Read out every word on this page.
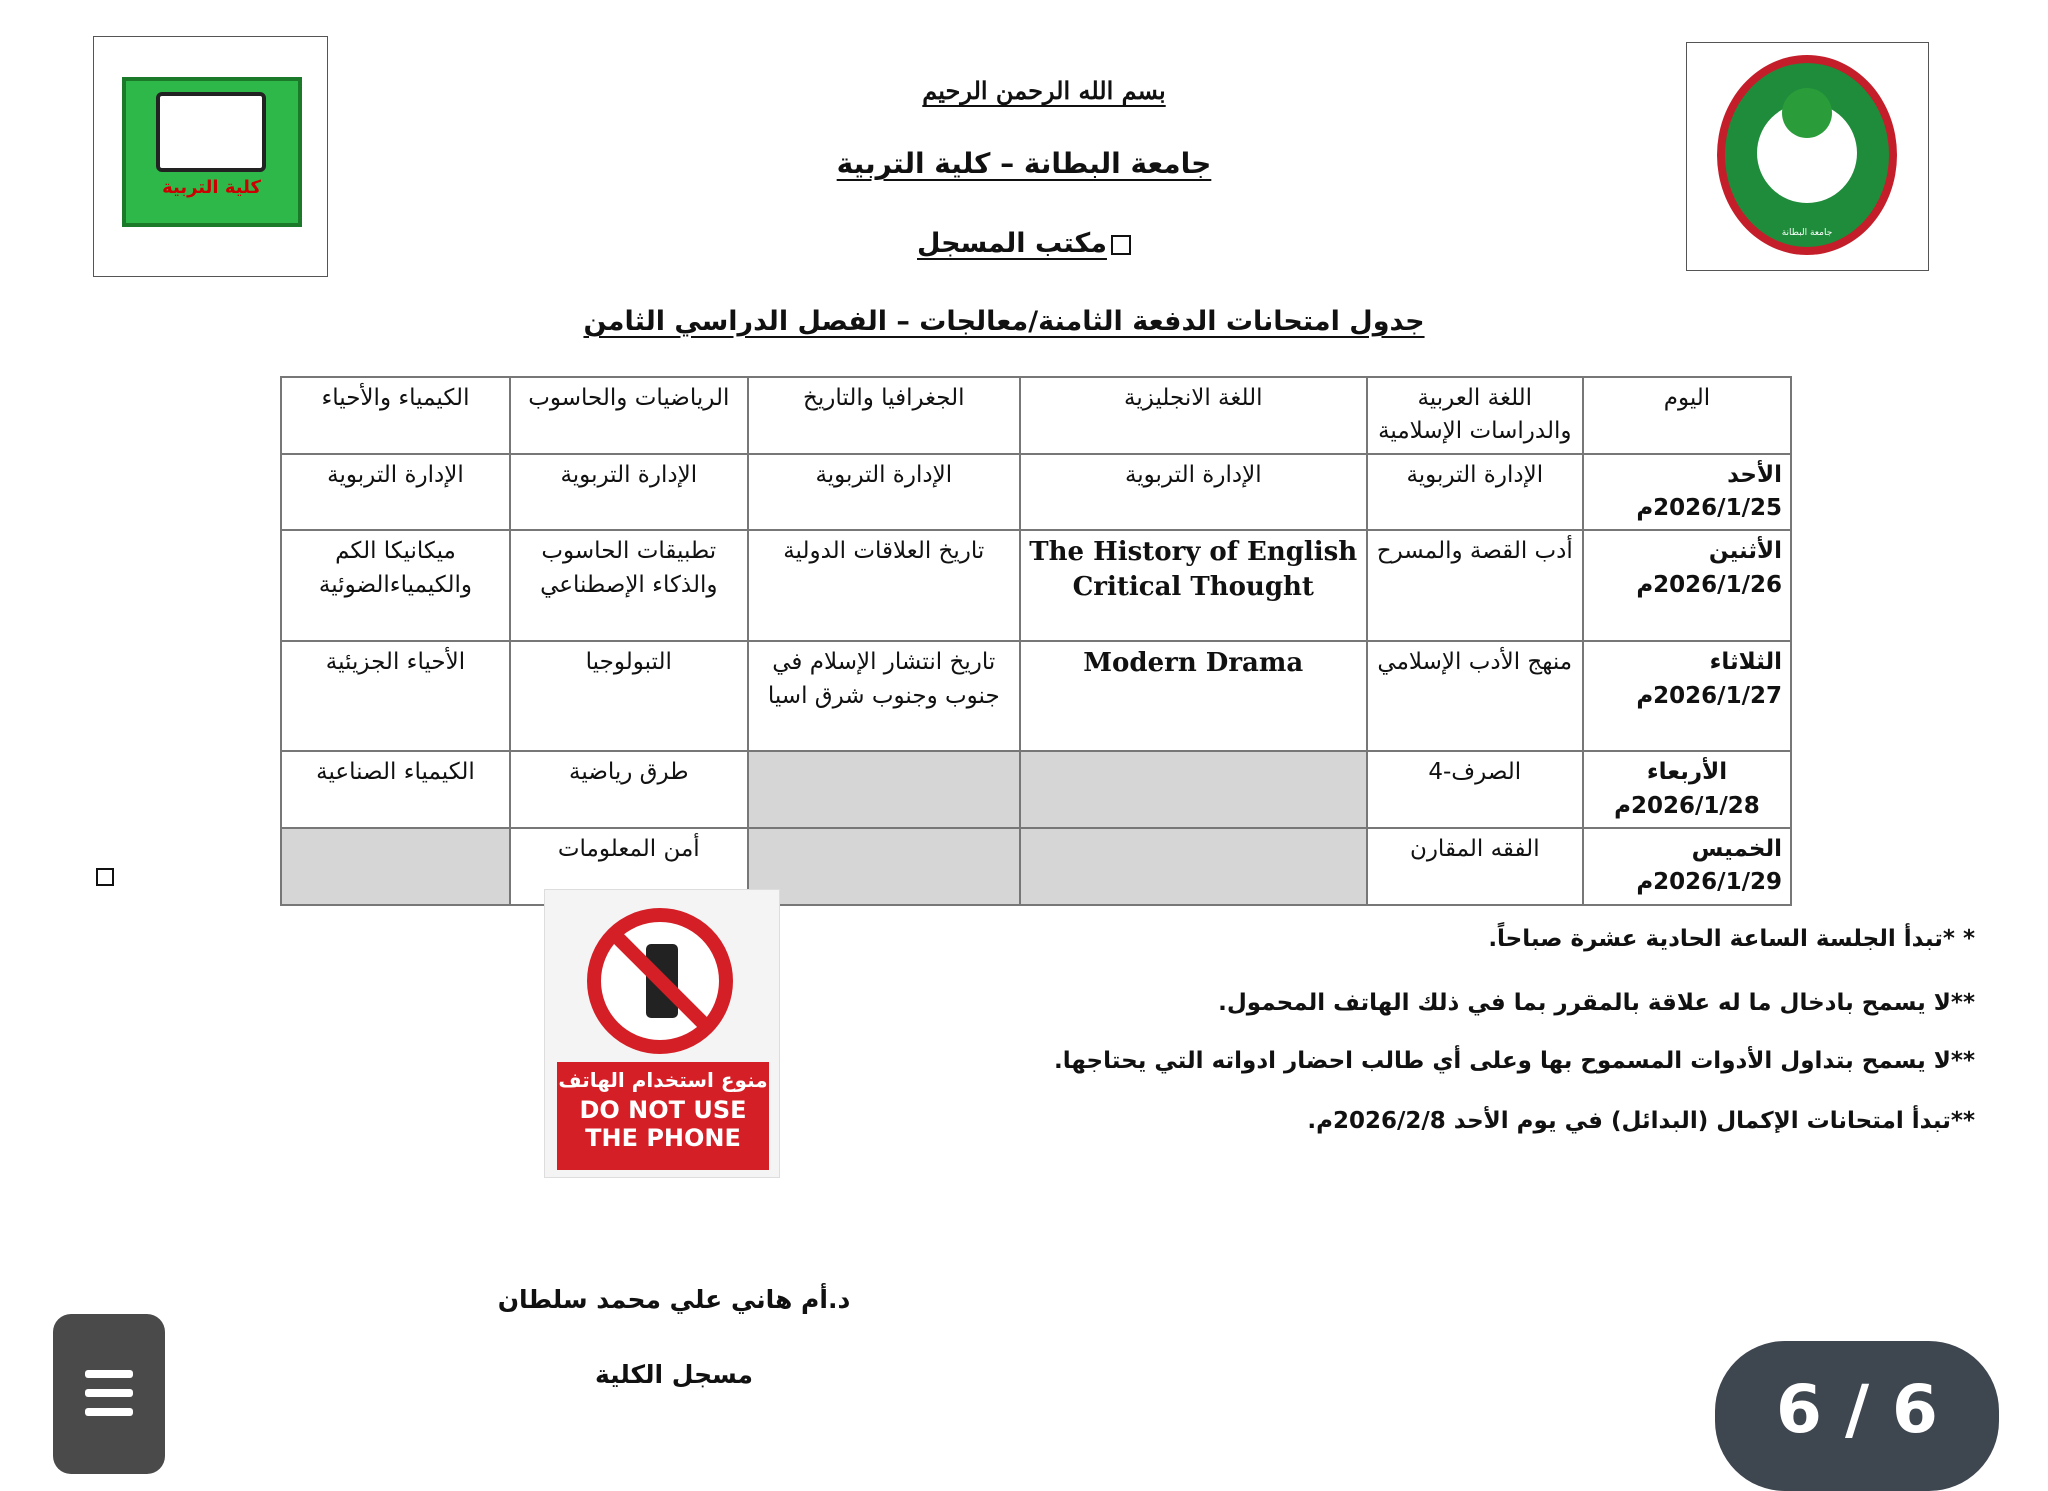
كلية التربية
جامعة البطانة
بسم الله الرحمن الرحيم
جامعة البطانة – كلية التربية
مكتب المسجل
جدول امتحانات الدفعة الثامنة/معالجات – الفصل الدراسي الثامن
اليوم	اللغة العربية والدراسات الإسلامية	اللغة الانجليزية	الجغرافيا والتاريخ	الرياضيات والحاسوب	الكيمياء والأحياء
الأحد 2026/1/25م	الإدارة التربوية	الإدارة التربوية	الإدارة التربوية	الإدارة التربوية	الإدارة التربوية
الأثنين 2026/1/26م	أدب القصة والمسرح	The History of English Critical Thought	تاريخ العلاقات الدولية	تطبيقات الحاسوب والذكاء الإصطناعي	ميكانيكا الكم والكيمياءالضوئية
الثلاثاء 2026/1/27م	منهج الأدب الإسلامي	Modern Drama	تاريخ انتشار الإسلام في جنوب وجنوب شرق اسيا	التبولوجيا	الأحياء الجزيئية
الأربعاء 2026/1/28م	الصرف-4			طرق رياضية	الكيمياء الصناعية
الخميس 2026/1/29م	الفقه المقارن			أمن المعلومات	
منوع استخدام الهاتف
DO NOT USE
THE PHONE
* *تبدأ الجلسة الساعة الحادية عشرة صباحاً.
**لا يسمح بادخال ما له علاقة بالمقرر بما في ذلك الهاتف المحمول.
**لا يسمح بتداول الأدوات المسموح بها وعلى أي طالب احضار ادواته التي يحتاجها.
**تبدأ امتحانات الإكمال (البدائل) في يوم الأحد 2026/2/8م.
د.أم هاني علي محمد سلطان
مسجل الكلية	6 / 6
